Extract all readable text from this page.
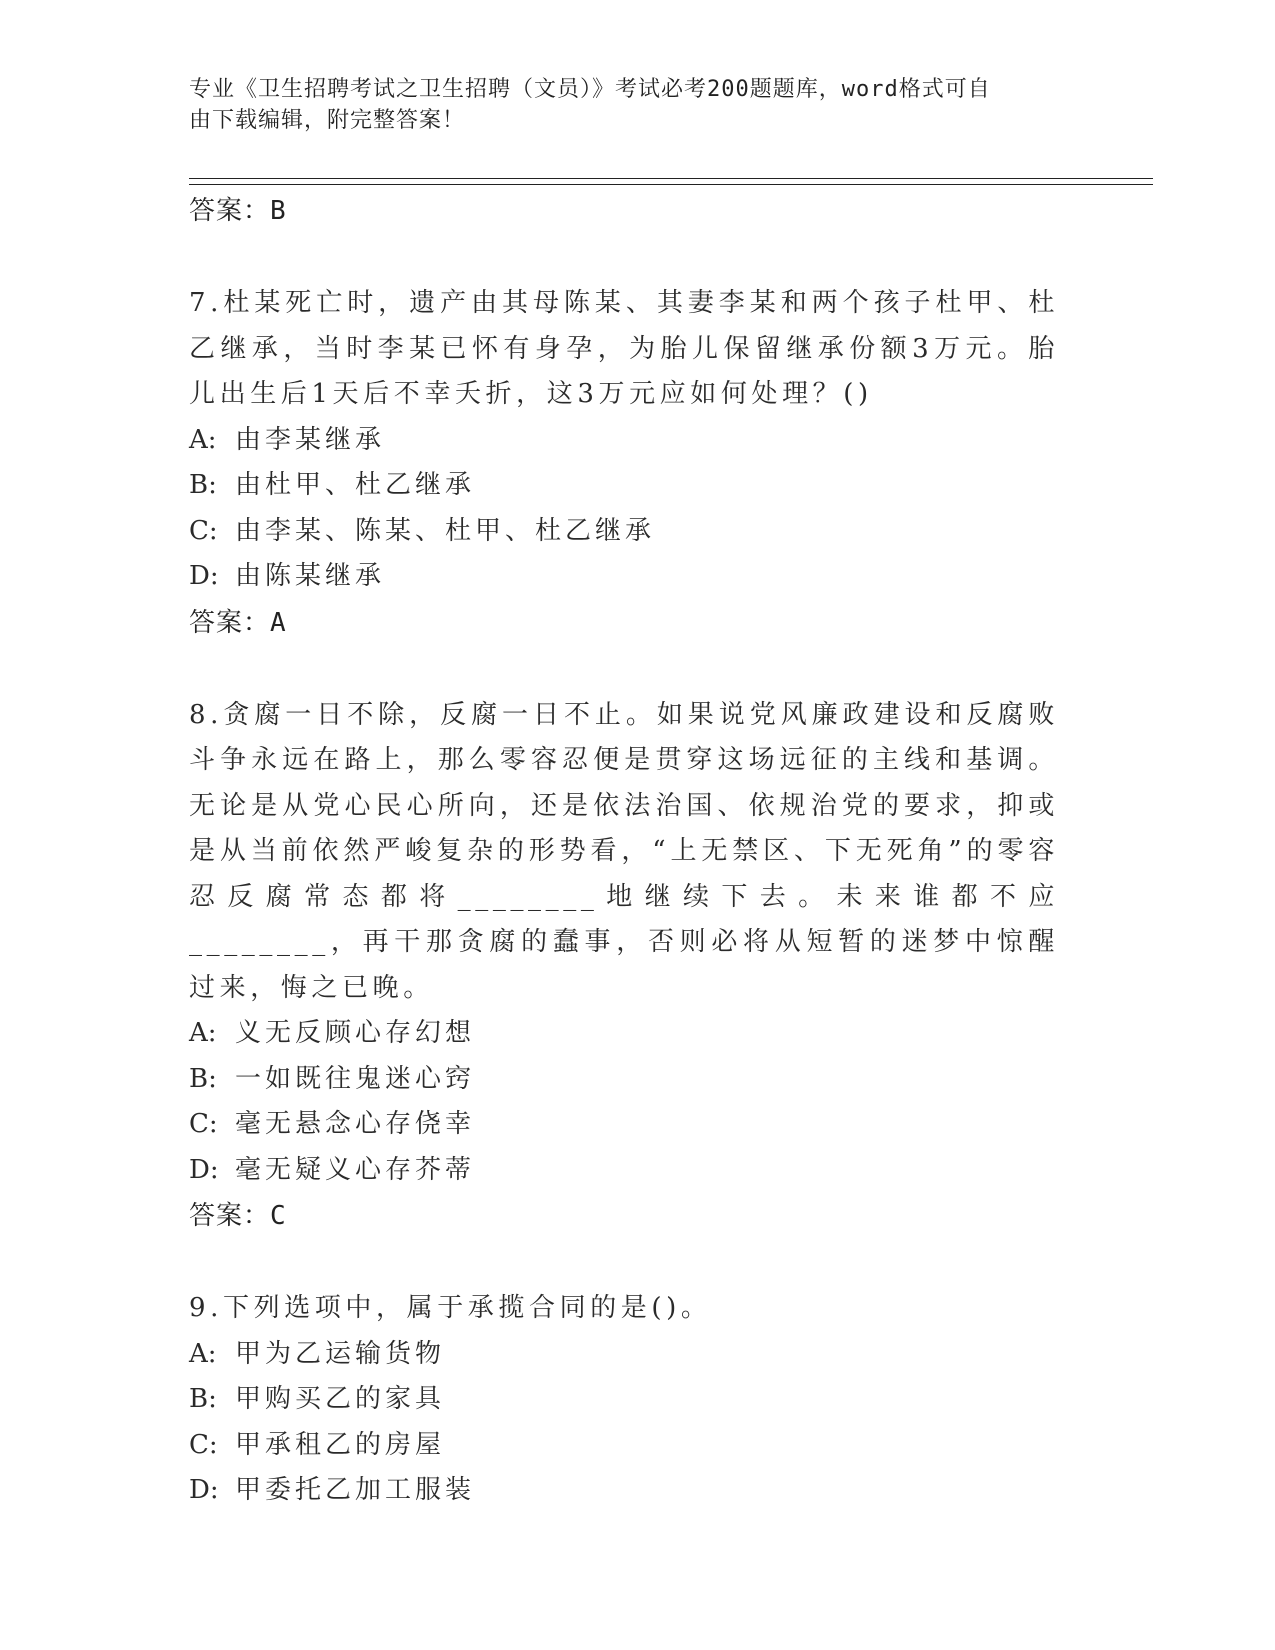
专业《卫生招聘考试之卫生招聘（文员）》考试必考200题题库，word格式可自
由下载编辑，附完整答案！
答案：B
7.杜某死亡时，遗产由其母陈某、其妻李某和两个孩子杜甲、杜乙继承，当时李某已怀有身孕，为胎儿保留继承份额3万元。胎儿出生后1天后不幸夭折，这3万元应如何处理？()
A: 由李某继承
B: 由杜甲、杜乙继承
C: 由李某、陈某、杜甲、杜乙继承
D: 由陈某继承
答案：A
8.贪腐一日不除，反腐一日不止。如果说党风廉政建设和反腐败斗争永远在路上，那么零容忍便是贯穿这场远征的主线和基调。无论是从党心民心所向，还是依法治国、依规治党的要求，抑或是从当前依然严峻复杂的形势看，“上无禁区、下无死角”的零容忍反腐常态都将________地继续下去。未来谁都不应________，再干那贪腐的蠢事，否则必将从短暂的迷梦中惊醒过来，悔之已晚。
A: 义无反顾心存幻想
B: 一如既往鬼迷心窍
C: 毫无悬念心存侥幸
D: 毫无疑义心存芥蒂
答案：C
9.下列选项中，属于承揽合同的是()。
A: 甲为乙运输货物
B: 甲购买乙的家具
C: 甲承租乙的房屋
D: 甲委托乙加工服装
